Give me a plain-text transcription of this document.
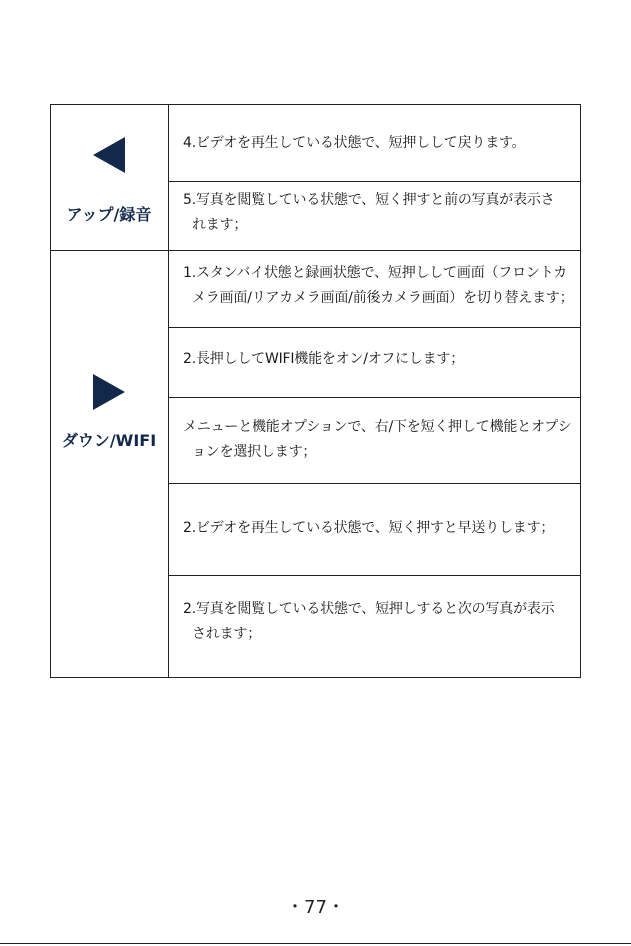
アップ/録音
4.ビデオを再生している状態で、短押しして戻ります。
5.写真を閲覧している状態で、短く押すと前の写真が表示さ
れます；
ダウン/WIFI
1.スタンバイ状態と録画状態で、短押しして画面（フロントカ
メラ画面/リアカメラ画面/前後カメラ画面）を切り替えます；
2.長押ししてWIFI機能をオン/オフにします；
メニューと機能オプションで、右/下を短く押して機能とオプシ
ョンを選択します；
2.ビデオを再生している状態で、短く押すと早送りします；
2.写真を閲覧している状態で、短押しすると次の写真が表示
されます；
・77・
